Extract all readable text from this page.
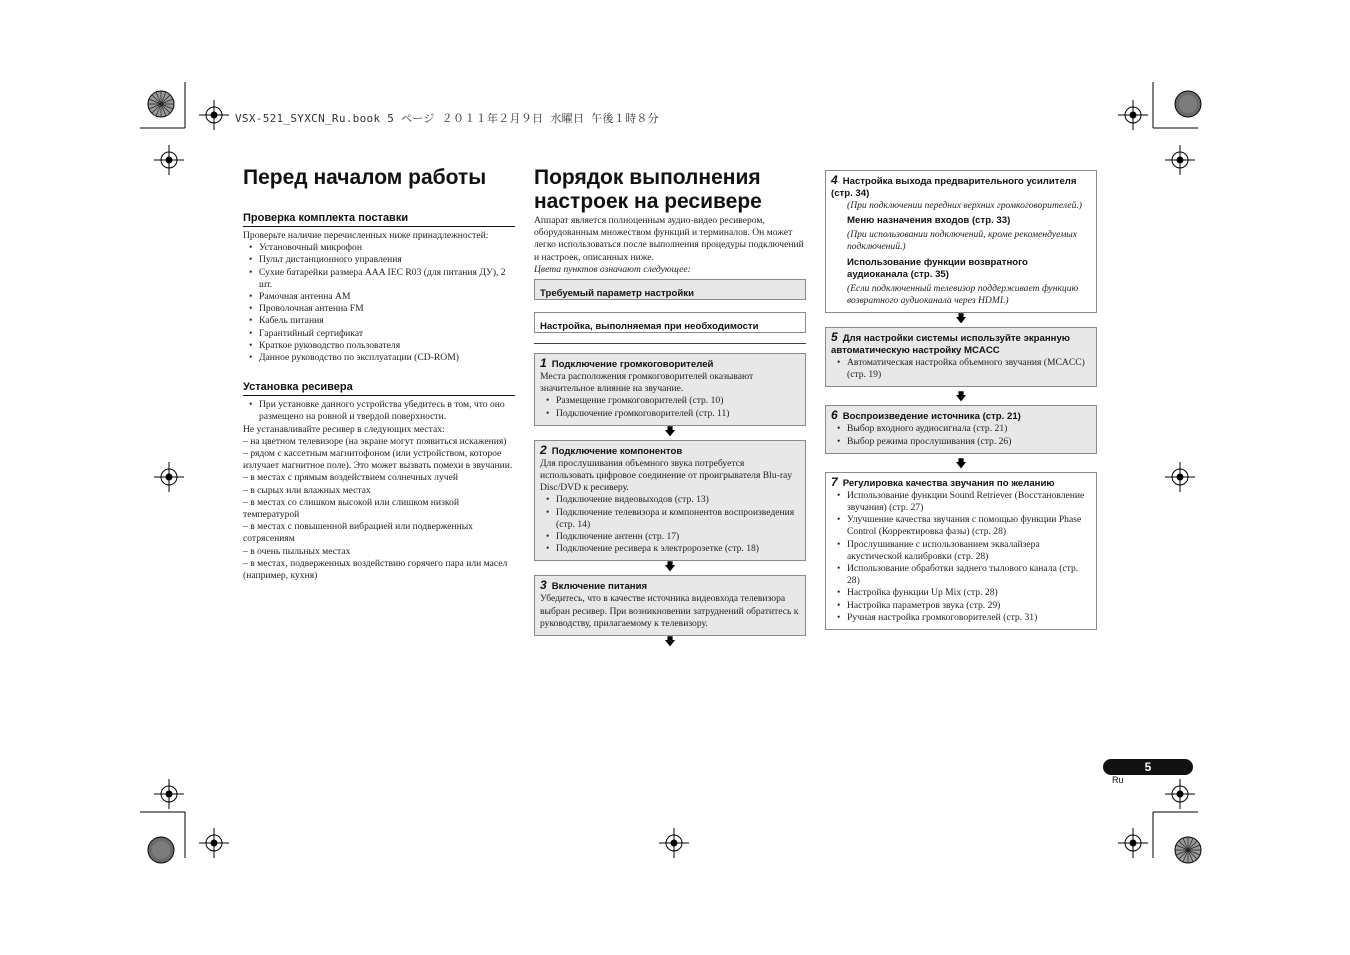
VSX-521_SYXCN_Ru.book 5 ページ ２０１１年２月９日 水曜日 午後１時８分
Перед началом работы
Проверка комплекта поставки

Проверьте наличие перечисленных ниже принадлежностей:

• Установочный микрофон
• Пульт дистанционного управления
• Сухие батарейки размера AAA IEC R03 (для питания ДУ), 2 шт.
• Рамочная антенна AM
• Проволочная антенна FM
• Кабель питания
• Гарантийный сертификат
• Краткое руководство пользователя
• Данное руководство по эксплуатации (CD-ROM)
Установка ресивера
• При установке данного устройства убедитесь в том, что оно размещено на ровной и твердой поверхности.

Не устанавливайте ресивер в следующих местах:

– на цветном телевизоре (на экране могут появиться искажения)

– рядом с кассетным магнитофоном (или устройством, которое излучает магнитное поле). Это может вызвать помехи в звучании.

– в местах с прямым воздействием солнечных лучей

– в сырых или влажных местах

– в местах со слишком высокой или слишком низкой температурой

– в местах с повышенной вибрацией или подверженных сотрясениям

– в очень пыльных местах

– в местах, подверженных воздействию горячего пара или масел (например, кухня)

Порядок выполнения
настроек на ресивере

Аппарат является полноценным аудио-видео ресивером, оборудованным множеством функций и терминалов. Он может легко использоваться после выполнения процедуры подключений и настроек, описанных ниже.

Цвета пунктов означают следующее:

Требуемый параметр настройки
Настройка, выполняемая при необходимости
1 Подключение громкоговорителей

Места расположения громкоговорителей оказывают значительное влияние на звучание.

• Размещение громкоговорителей (стр. 10)
• Подключение громкоговорителей (стр. 11)
🡇
2 Подключение компонентов

Для прослушивания объемного звука потребуется использовать цифровое соединение от проигрывателя Blu-ray Disc/DVD к ресиверу.

• Подключение видеовыходов (стр. 13)
• Подключение телевизора и компонентов воспроизведения (стр. 14)
• Подключение антенн (стр. 17)
• Подключение ресивера к электророзетке (стр. 18)
🡇
3 Включение питания

Убедитесь, что в качестве источника видеовхода телевизора выбран ресивер. При возникновении затруднений обратитесь к руководству, прилагаемому к телевизору.

🡇
4 Настройка выхода предварительного усилителя (стр. 34)

(При подключении передних верхних громкоговорителей.)

Меню назначения входов (стр. 33)

(При использовании подключений, кроме рекомендуемых подключений.)

Использование функции возвратного аудиоканала (стр. 35)

(Если подключенный телевизор поддерживает функцию возвратного аудиоканала через HDMI.)

🡇
5 Для настройки системы используйте экранную автоматическую настройку MCACC
• Автоматическая настройка объемного звучания (MCACC) (стр. 19)
🡇
6 Воспроизведение источника (стр. 21)
• Выбор входного аудиосигнала (стр. 21)
• Выбор режима прослушивания (стр. 26)
🡇
7 Регулировка качества звучания по желанию
• Использование функции Sound Retriever (Восстановление звучания) (стр. 27)
• Улучшение качества звучания с помощью функции Phase Control (Корректировка фазы) (стр. 28)
• Прослушивание с использованием эквалайзера акустической калибровки (стр. 28)
• Использование обработки заднего тылового канала (стр. 28)
• Настройка функции Up Mix (стр. 28)
• Настройка параметров звука (стр. 29)
• Ручная настройка громкоговорителей (стр. 31)
5
Ru
